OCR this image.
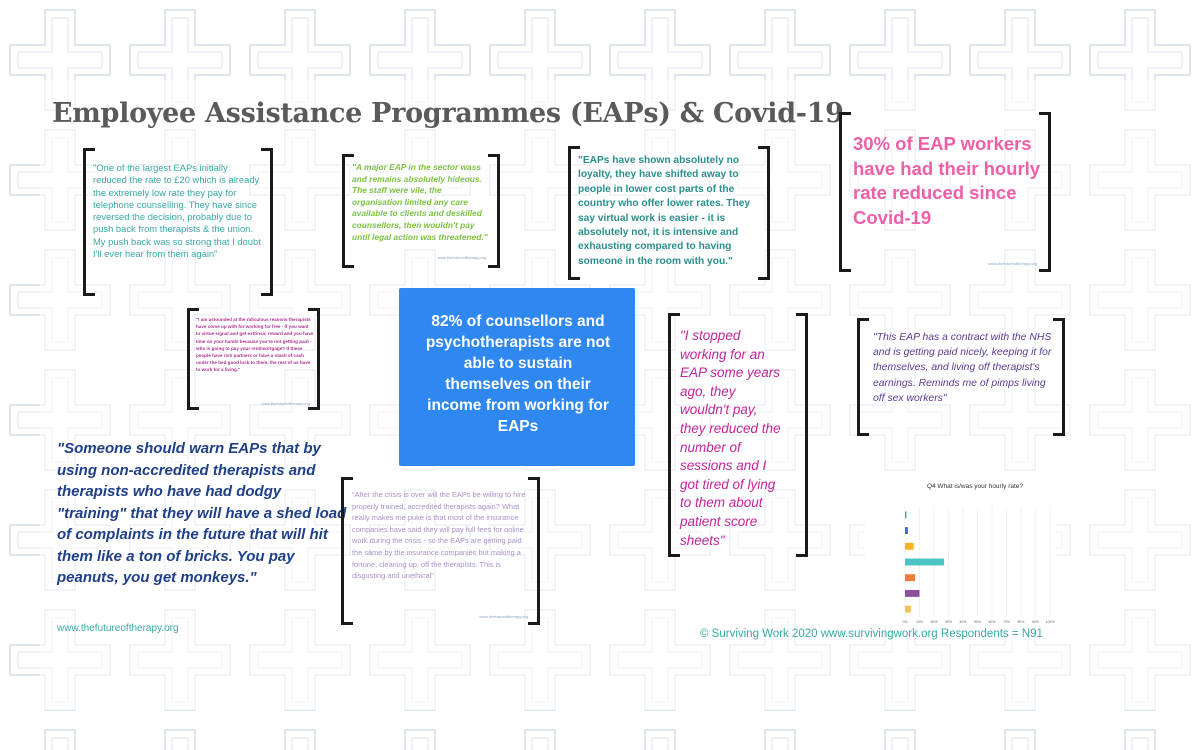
Employee Assistance Programmes (EAPs) & Covid-19
"One of the largest EAPs initially reduced the rate to £20 which is already the extremely low rate they pay for telephone counselling. They have since reversed the decision, probably due to push back from therapists & the union. My push back was so strong that I doubt I'll ever hear from them again"
"A major EAP in the sector wass and remains absolutely hideous. The staff were vile, the organisation limited any care available to clients and deskilled counsellors, then wouldn't pay until legal action was threatened."
www.thefutureoftherapy.org
"EAPs have shown absolutely no loyalty, they have shifted away to people in lower cost parts of the country who offer lower rates. They say virtual work is easier - it is absolutely not, it is intensive and exhausting compared to having someone in the room with you."
30% of EAP workers have had their hourly rate reduced since Covid-19
www.thefutureoftherapy.org
"I am astounded at the ridiculous reasons therapists have come up with for working for free - if you want to virtue signal and get extrinsic reward and you have time on your hands because you're not getting paid - who is going to pay your rent/mortgage? If these people have rich partners or have a stash of cash under the bed good luck to them, the rest of us have to work for a living."
www.thefutureoftherapy.org
82% of counsellors and psychotherapists are not able to sustain themselves on their income from working for EAPs
"I stopped working for an EAP some years ago, they wouldn't pay, they reduced the number of sessions and I got tired of lying to them about patient score sheets"
"This EAP has a contract with the NHS and is getting paid nicely, keeping it for themselves, and living off therapist's earnings. Reminds me of pimps living off sex workers"
"Someone should warn EAPs that by using non-accredited therapists and therapists who have had dodgy "training" that they will have a shed load of complaints in the future that will hit them like a ton of bricks. You pay peanuts, you get monkeys."
"After the crisis is over will the EAPs be willing to hire properly trained, accredited therapists again? What really makes me puke is that most of the insurance companies have said they will pay full fees for online work during the crisis - so the EAPs are getting paid the same by the insurance companies but making a fortune, cleaning up, off the therapists. This is disgusting and unethical"
www.thefutureoftherapy.org
Q4 What is/was your hourly rate?
0% 10% 20% 30% 40% 50% 60% 70% 80% 90% 100%
www.thefutureoftherapy.org	© Surviving Work 2020 www.survivingwork.org Respondents = N91
